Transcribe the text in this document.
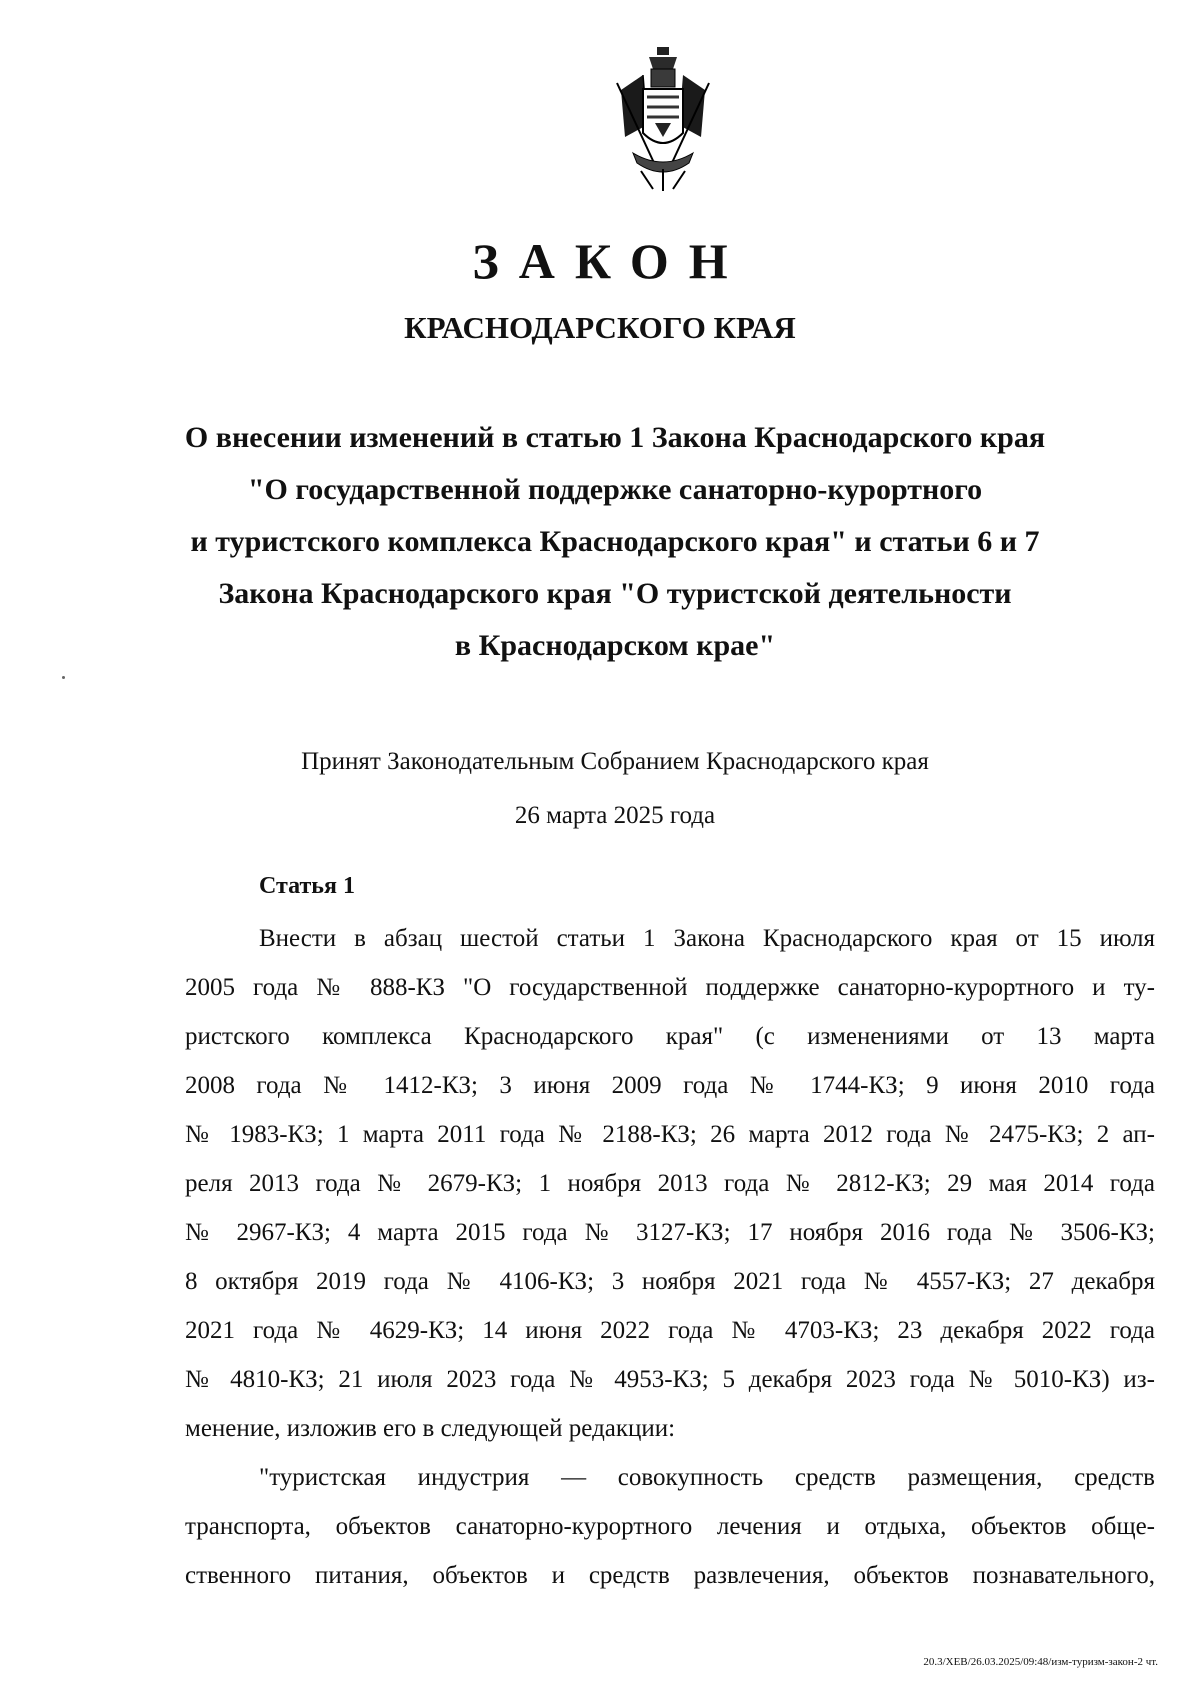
ЗАКОН
КРАСНОДАРСКОГО КРАЯ
О внесении изменений в статью 1 Закона Краснодарского края
"О государственной поддержке санаторно-курортного
и туристского комплекса Краснодарского края" и статьи 6 и 7
Закона Краснодарского края "О туристской деятельности
в Краснодарском крае"
Принят Законодательным Собранием Краснодарского края
26 марта 2025 года
Статья 1
Внести в абзац шестой статьи 1 Закона Краснодарского края от 15 июля
2005 года № 888-КЗ "О государственной поддержке санаторно-курортного и ту-
ристского комплекса Краснодарского края" (с изменениями от 13 марта
2008 года № 1412-КЗ; 3 июня 2009 года № 1744-КЗ; 9 июня 2010 года
№ 1983-КЗ; 1 марта 2011 года № 2188-КЗ; 26 марта 2012 года № 2475-КЗ; 2 ап-
реля 2013 года № 2679-КЗ; 1 ноября 2013 года № 2812-КЗ; 29 мая 2014 года
№ 2967-КЗ; 4 марта 2015 года № 3127-КЗ; 17 ноября 2016 года № 3506-КЗ;
8 октября 2019 года № 4106-КЗ; 3 ноября 2021 года № 4557-КЗ; 27 декабря
2021 года № 4629-КЗ; 14 июня 2022 года № 4703-КЗ; 23 декабря 2022 года
№ 4810-КЗ; 21 июля 2023 года № 4953-КЗ; 5 декабря 2023 года № 5010-КЗ) из-
менение, изложив его в следующей редакции:
"туристская индустрия — совокупность средств размещения, средств
транспорта, объектов санаторно-курортного лечения и отдыха, объектов обще-
ственного питания, объектов и средств развлечения, объектов познавательного,
20.3/ХЕВ/26.03.2025/09:48/изм-туризм-закон-2 чт.
